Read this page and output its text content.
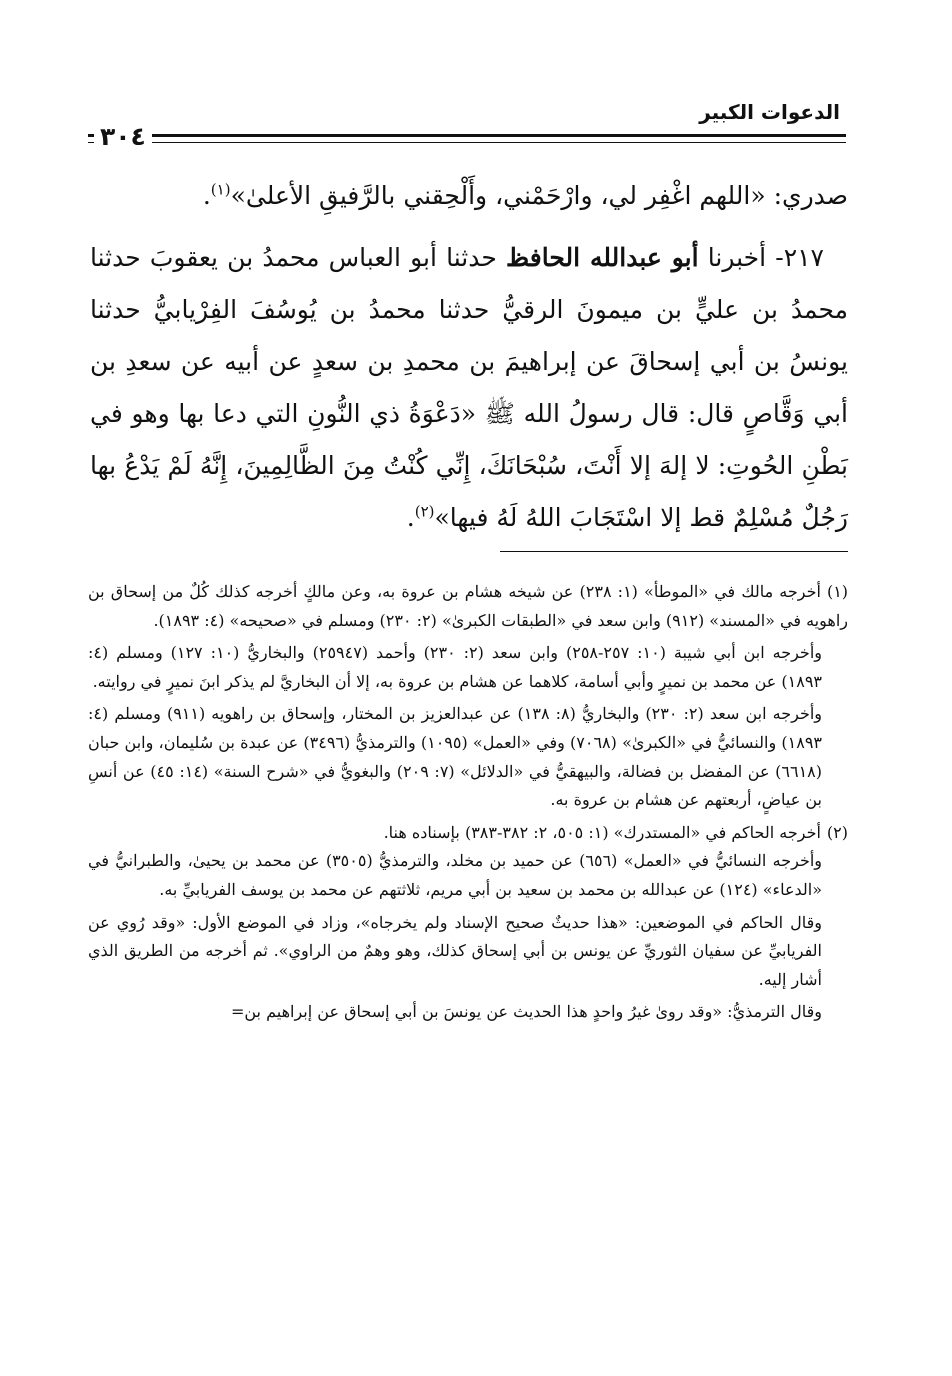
الدعوات الكبير
٣٠٤

صدري: «اللهم اغْفِر لي، وارْحَمْني، وأَلْحِقني بالرَّفيقِ الأعلىٰ»$^{(١)}$.

٢١٧- أخبرنا أبو عبدالله الحافظ حدثنا أبو العباس محمدُ بن يعقوبَ حدثنا محمدُ بن عليٍّ بن ميمونَ الرقيُّ حدثنا محمدُ بن يُوسُفَ الفِرْيابيُّ حدثنا يونسُ بن أبي إسحاقَ عن إبراهيمَ بن محمدِ بن سعدٍ عن أبيه عن سعدِ بن أبي وَقَّاصٍ قال: قال رسولُ الله ﷺ «دَعْوَةُ ذي النُّونِ التي دعا بها وهو في بَطْنِ الحُوتِ: لا إلهَ إلا أَنْتَ، سُبْحَانَكَ، إِنِّي كُنْتُ مِنَ الظَّالِمِينَ، إِنَّهُ لَمْ يَدْعُ بها رَجُلٌ مُسْلِمٌ قط إلا اسْتَجَابَ اللهُ لَهُ فيها»$^{(٢)}$.

(١)أخرجه مالك في «الموطأ» (١: ٢٣٨) عن شيخه هشام بن عروة به، وعن مالكٍ أخرجه كذلك كُلٌ من إسحاق بن راهويه في «المسند» (٩١٢) وابن سعد في «الطبقات الكبرىٰ» (٢: ٢٣٠) ومسلم في «صحيحه» (٤: ١٨٩٣).

وأخرجه ابن أبي شيبة (١٠: ٢٥٧-٢٥٨) وابن سعد (٢: ٢٣٠) وأحمد (٢٥٩٤٧) والبخاريُّ (١٠: ١٢٧) ومسلم (٤: ١٨٩٣) عن محمد بن نميرٍ وأبي أسامة، كلاهما عن هشام بن عروة به، إلا أن البخاريَّ لم يذكر ابنَ نميرٍ في روايته.

وأخرجه ابن سعد (٢: ٢٣٠) والبخاريُّ (٨: ١٣٨) عن عبدالعزيز بن المختار، وإسحاق بن راهويه (٩١١) ومسلم (٤: ١٨٩٣) والنسائيُّ في «الكبرىٰ» (٧٠٦٨) وفي «العمل» (١٠٩٥) والترمذيُّ (٣٤٩٦) عن عبدة بن سُليمان، وابن حبان (٦٦١٨) عن المفضل بن فضالة، والبيهقيُّ في «الدلائل» (٧: ٢٠٩) والبغويُّ في «شرح السنة» (١٤: ٤٥) عن أنسِ بن عياضٍ، أربعتهم عن هشام بن عروة به.

(٢)أخرجه الحاكم في «المستدرك» (١: ٥٠٥، ٢: ٣٨٢-٣٨٣) بإسناده هنا.

وأخرجه النسائيُّ في «العمل» (٦٥٦) عن حميد بن مخلد، والترمذيُّ (٣٥٠٥) عن محمد بن يحيىٰ، والطبرانيُّ في «الدعاء» (١٢٤) عن عبدالله بن محمد بن سعيد بن أبي مريم، ثلاثتهم عن محمد بن يوسف الفريابيِّ به.

وقال الحاكم في الموضعين: «هذا حديثٌ صحيح الإسناد ولم يخرجاه»، وزاد في الموضع الأول: «وقد رُوي عن الفريابيِّ عن سفيان الثوريِّ عن يونس بن أبي إسحاق كذلك، وهو وهمٌ من الراوي». ثم أخرجه من الطريق الذي أشار إليه.

وقال الترمذيُّ: «وقد روىٰ غيرُ واحدٍ هذا الحديث عن يونسَ بن أبي إسحاق عن إبراهيم بن=
